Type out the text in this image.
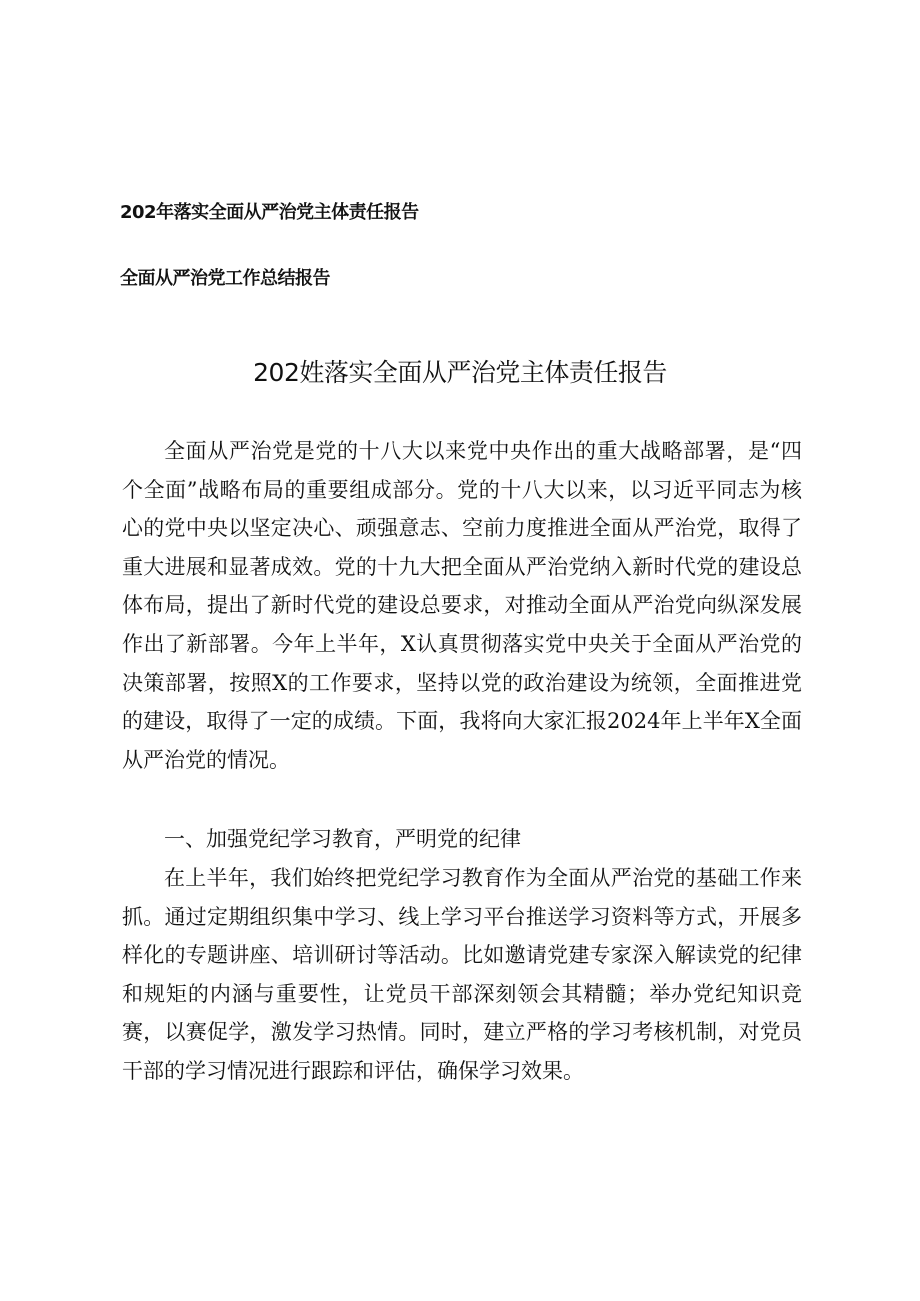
202年落实全面从严治党主体责任报告
全面从严治党工作总结报告
202姓落实全面从严治党主体责任报告

全面从严治党是党的十八大以来党中央作出的重大战略部署，是“四个全面”战略布局的重要组成部分。党的十八大以来，以习近平同志为核心的党中央以坚定决心、顽强意志、空前力度推进全面从严治党，取得了重大进展和显著成效。党的十九大把全面从严治党纳入新时代党的建设总体布局，提出了新时代党的建设总要求，对推动全面从严治党向纵深发展作出了新部署。今年上半年，X认真贯彻落实党中央关于全面从严治党的决策部署，按照X的工作要求，坚持以党的政治建设为统领，全面推进党的建设，取得了一定的成绩。下面，我将向大家汇报2024年上半年X全面从严治党的情况。

一、加强党纪学习教育，严明党的纪律

在上半年，我们始终把党纪学习教育作为全面从严治党的基础工作来抓。通过定期组织集中学习、线上学习平台推送学习资料等方式，开展多样化的专题讲座、培训研讨等活动。比如邀请党建专家深入解读党的纪律和规矩的内涵与重要性，让党员干部深刻领会其精髓；举办党纪知识竞赛，以赛促学，激发学习热情。同时，建立严格的学习考核机制，对党员干部的学习情况进行跟踪和评估，确保学习效果。
